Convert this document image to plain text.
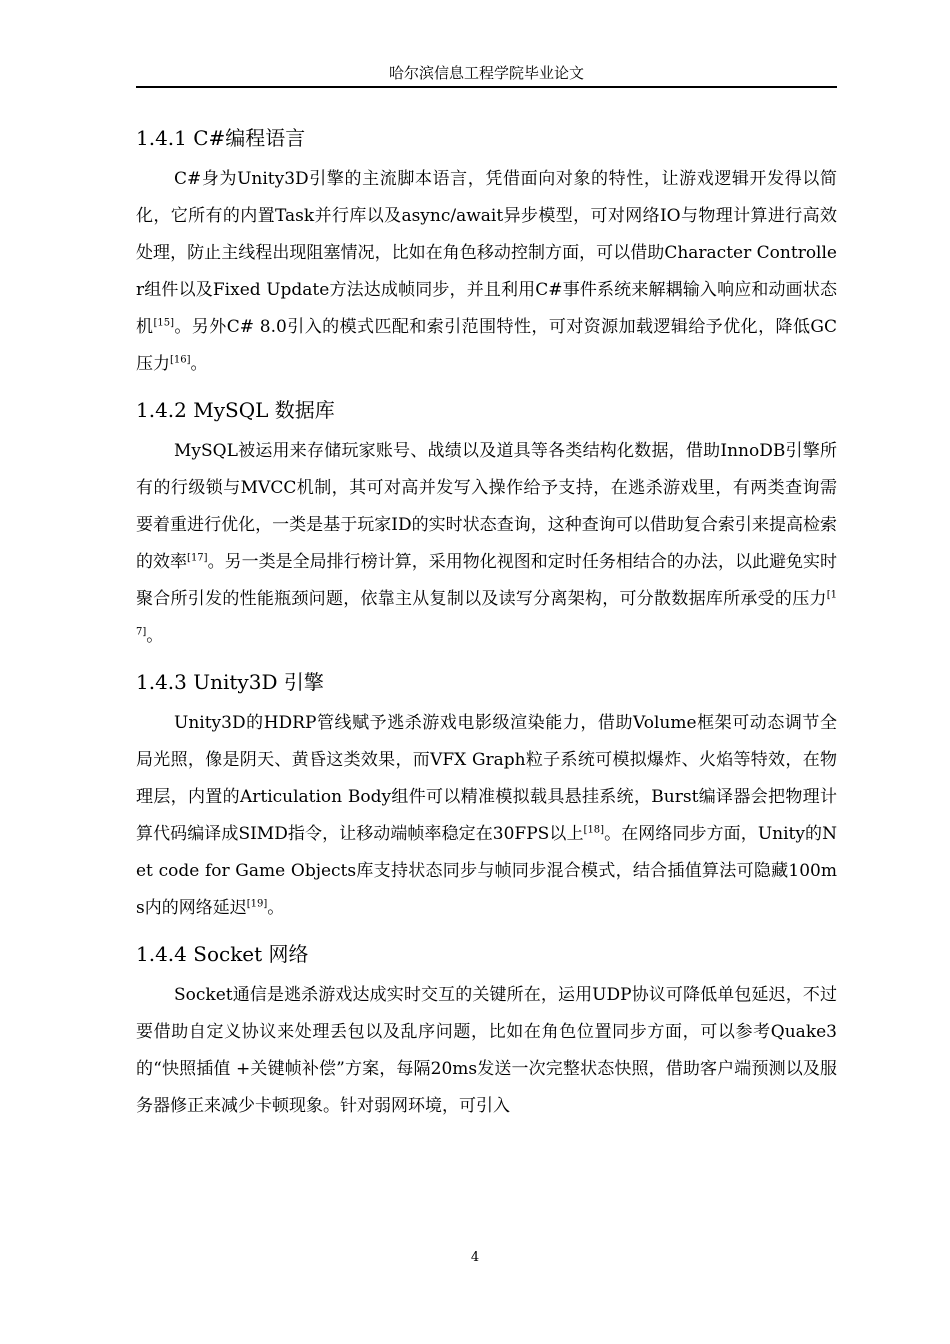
哈尔滨信息工程学院毕业论文
1.4.1 C#编程语言

C#身为Unity3D引擎的主流脚本语言，凭借面向对象的特性，让游戏逻辑开发得以简化，它所有的内置Task并行库以及async/await异步模型，可对网络IO与物理计算进行高效处理，防止主线程出现阻塞情况，比如在角色移动控制方面，可以借助Character Controller组件以及Fixed Update方法达成帧同步，并且利用C#事件系统来解耦输入响应和动画状态机[15]。另外C# 8.0引入的模式匹配和索引范围特性，可对资源加载逻辑给予优化，降低GC压力[16]。

1.4.2 MySQL 数据库

MySQL被运用来存储玩家账号、战绩以及道具等各类结构化数据，借助InnoDB引擎所有的行级锁与MVCC机制，其可对高并发写入操作给予支持，在逃杀游戏里，有两类查询需要着重进行优化，一类是基于玩家ID的实时状态查询，这种查询可以借助复合索引来提高检索的效率[17]。另一类是全局排行榜计算，采用物化视图和定时任务相结合的办法，以此避免实时聚合所引发的性能瓶颈问题，依靠主从复制以及读写分离架构，可分散数据库所承受的压力[17]。

1.4.3 Unity3D 引擎

Unity3D的HDRP管线赋予逃杀游戏电影级渲染能力，借助Volume框架可动态调节全局光照，像是阴天、黄昏这类效果，而VFX Graph粒子系统可模拟爆炸、火焰等特效，在物理层，内置的Articulation Body组件可以精准模拟载具悬挂系统，Burst编译器会把物理计算代码编译成SIMD指令，让移动端帧率稳定在30FPS以上[18]。在网络同步方面，Unity的Net code for Game Objects库支持状态同步与帧同步混合模式，结合插值算法可隐藏100ms内的网络延迟[19]。

1.4.4 Socket 网络

Socket通信是逃杀游戏达成实时交互的关键所在，运用UDP协议可降低单包延迟，不过要借助自定义协议来处理丢包以及乱序问题，比如在角色位置同步方面，可以参考Quake3的“快照插值 +关键帧补偿”方案，每隔20ms发送一次完整状态快照，借助客户端预测以及服务器修正来减少卡顿现象。针对弱网环境，可引入

4
